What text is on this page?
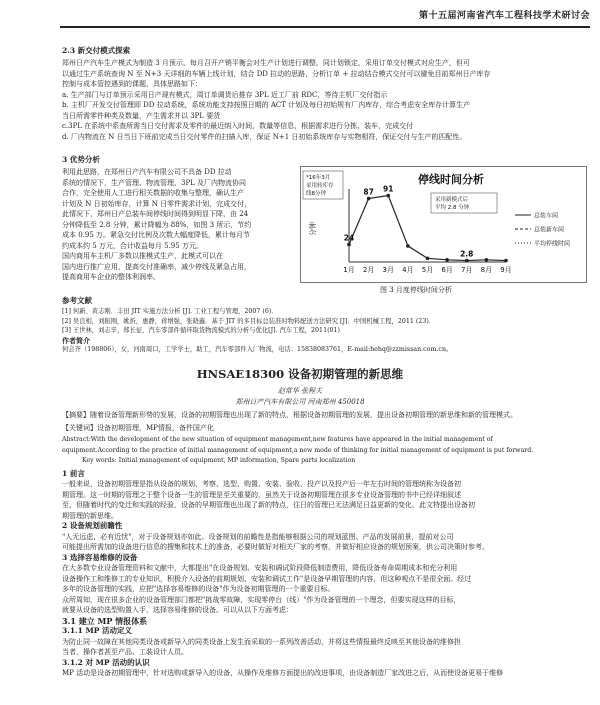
第十五届河南省汽车工程科技学术研讨会
2.3 新交付模式探索
郑州日产汽车生产模式为制造 3 月预示，每月召开产销平衡会对生产计划进行调整，同计划锁定，采用订单交付模式对应生产，但可
以通过生产系统查询 N 至 N+3 天详细的车辆上线计划，结合 DD 拉动的思路，分析订单 + 拉动结合模式交付可以避免目前郑州日产库存
控制与成本管控遇到的课题，具体思路如下：
a. 生产部门与订单预示采用日产现有模式，周订单调货后推存 3PL 近工厂前 RDC，等待主机厂交付指示
b. 主机厂开发交付管理即 DD 拉动系统，系统功能支持按照日期的 ACT 计划及每日初始规有厂内库存，综合考虑安全库存计算生产
当日所需零件种类及数量，产生需求并以 3PL 要货
c.3PL 在系统中系查所需当日交付需求及零件的最近纳入时间，数量等信息，根据需求进行分拣、装车，完成交付
d. 厂内物流在 N 日当日下班前完成当日交付零件的扫描入库，保证 N+1 日初始系统库存与实物相符，保证交付与生产的匹配性。
3 优势分析
利用此思路，在郑州日产汽车有限公司不具备 DD 拉动
系统的情况下，生产管理、物流管理、3PL 及厂内物流协同
合作，完全使用人工进行相关数据的收集与整理，确认生产
计划及 N 日初始库存，计算 N 日零件需求计划，完成交付，
此情况下，郑州日产总装车间停线时间得到明显下降，由 24
分钟降低至 2.8 分钟，累计降幅为 88%，如图 3 所示，节约
成本 0.95 万。紧急交付比例及次数大幅度降低，累计每月节
约成本约 5 万元，合计收益每月 5.95 万元。
国内商用车主机厂多数以推模式生产，此模式可以在
国内进行推广应用，提高交付准确率，减少停线及紧急占用，
提高商用车企业的整体利润率。
停线时间分析
分钟
1月 2月 3月 4月 5月 6月 7月 8月 9月
24
87 91
2.8
*16年3月
采用转库存
线8分钟
采用新模式后
平均 2.8 分钟
总装车间
总装新车间
平均停线时间
图 3 月度停线时间分析
参考文献
[1] 何新、黄志刚．丰田 JIT 实施方法分析 [J]. 工业工程与管理，2007 (6)．
[2] 吴良相，刘振刚，姚炘，惠静，蒋增强，张晓鑫．基于 JIT 的多目标总装准时物料配送方法研究 [J]．中国机械工程，2011 (23)．
[3] 王世林，刘志辛，郑长征，汽车零部件循环取货物流模式的分析与优化[J]. 汽车工程，2011(01)
作者简介
何会齐（198806），女，河南周口，工学学士，助工，汽车零部件入厂物流，电话：15838083761，E-mail:hehq@zzmissan.com.cn。
HNSAE18300 设备初期管理的新思维
赵常华 张程夫
郑州日产汽车有限公司 河南郑州 450018
【摘要】随着设备管理新形势的发展，设备的初期管理也出现了新的特点，根据设备初期管理的发展，提出设备初期管理的新思维和新的管理模式。
【关键词】设备初期管理，MP情报，备件国产化
Abstract:With the development of the new situation of equipment management,new features have appeared in the initial management of
equipment.According to the practice of initial management of equipment,a new mode of thinking for initial management of equipment is put forward.
Key words: Initial management of equipment, MP information, Spare parts localization
1 前言
一般来说，设备初期管理是指从设备的规划、考察、选型、购置、安装、验收、投产以及投产后一年左右时间的管理统称为设备初
期管理。这一时期的管理之于整个设备一生的管理是至关重要的，虽然关于设备初期管理在很多专业设备管理的书中已经详细叙述
至，但随着时代的变迁和实践的经验，设备的早期管理也出现了新的特点，往日的管理已无法满足日益更新的变化，此文特提出设备初
期管理的新思维。
2 设备规划前瞻性
"人无远虑，必有近忧"，对于设备规划亦如此。设备规划的前瞻性是指能够根据公司的规划蓝图、产品的发展前景，提前对公司
可能提出所需加的设备进行信息的搜集和技术上的准备，必要时做好对相关厂家的考察，并做好相应设备的规划预案，供公司决策时参考。
3 选择容易维修的设备
在大多数专业设备管理资料和文献中，大都提出"在设备规划、安装和调试阶段降低制造费用，降低设备寿命周期成本和充分利用
设备操作工和维修工的专业知识，积极介入设备的前期规划、安装和调试工作"是设备早期管理的内容，但这种观点不是很全面。经过
多年的设备管理的实践，应把"选择容易维修的设备"作为设备初期管理的一个重要目标。
众所周知，现在很多企业的设备管理部门都把"挑战零故障，实现零停台（线）"作为设备管理的一个理念，但要实现这样的目标，
就要从设备的选型购置入手，选择容易维修的设备。可以从以下方面考虑：
3.1 建立 MP 情报体系
3.1.1 MP 活动定义
为防止同一故障在其他同类设备或新导入的同类设备上发生而采取的一系列改善活动，并将这些情报最终反映至其他设备的维修担
当者，操作者甚至产品、工装设计人员。
3.1.2 对 MP 活动的认识
MP 活动是设备初期管理中，针对选购或新导入的设备，从操作及维修方面提出的改进事项，由设备制造厂家改进之后，从而使设备更易于维修
